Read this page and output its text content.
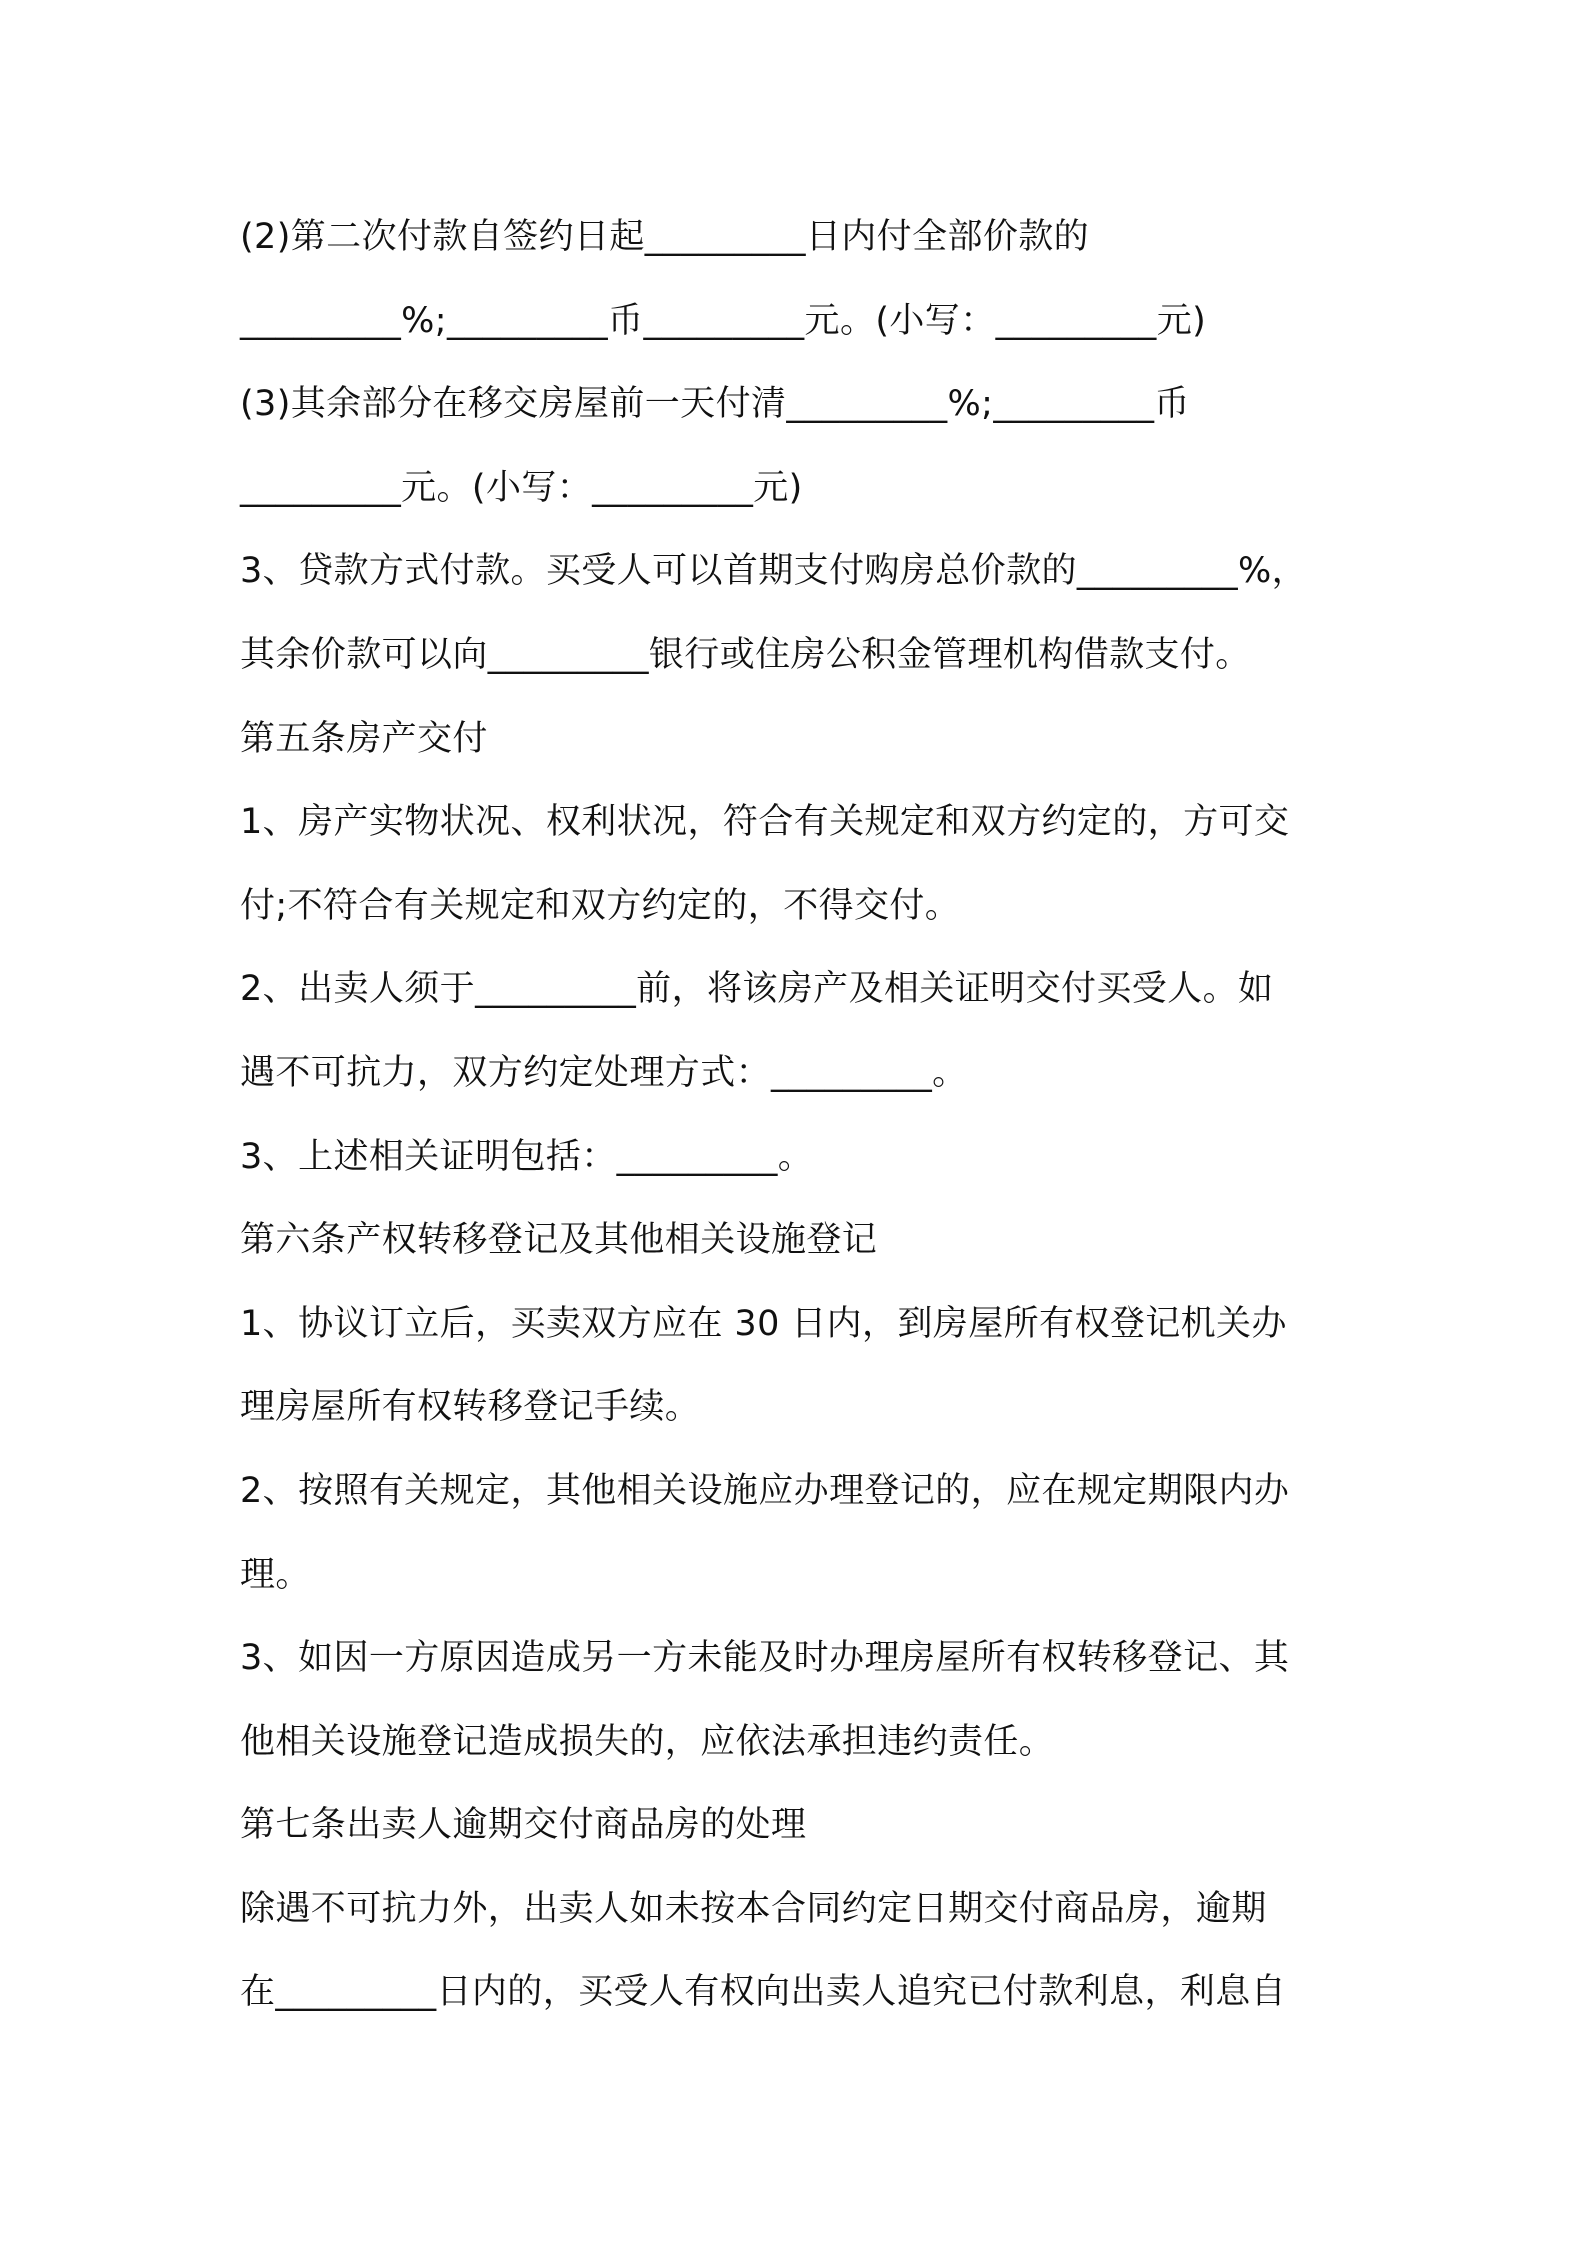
(2)第二次付款自签约日起_________日内付全部价款的
_________%;_________币_________元。(小写：_________元)
(3)其余部分在移交房屋前一天付清_________%;_________币
_________元。(小写：_________元)
3、贷款方式付款。买受人可以首期支付购房总价款的_________%，
其余价款可以向_________银行或住房公积金管理机构借款支付。
第五条房产交付
1、房产实物状况、权利状况，符合有关规定和双方约定的，方可交
付;不符合有关规定和双方约定的，不得交付。
2、出卖人须于_________前，将该房产及相关证明交付买受人。如
遇不可抗力，双方约定处理方式：_________。
3、上述相关证明包括：_________。
第六条产权转移登记及其他相关设施登记
1、协议订立后，买卖双方应在 30 日内，到房屋所有权登记机关办
理房屋所有权转移登记手续。
2、按照有关规定，其他相关设施应办理登记的，应在规定期限内办
理。
3、如因一方原因造成另一方未能及时办理房屋所有权转移登记、其
他相关设施登记造成损失的，应依法承担违约责任。
第七条出卖人逾期交付商品房的处理
除遇不可抗力外，出卖人如未按本合同约定日期交付商品房，逾期
在_________日内的，买受人有权向出卖人追究已付款利息，利息自
